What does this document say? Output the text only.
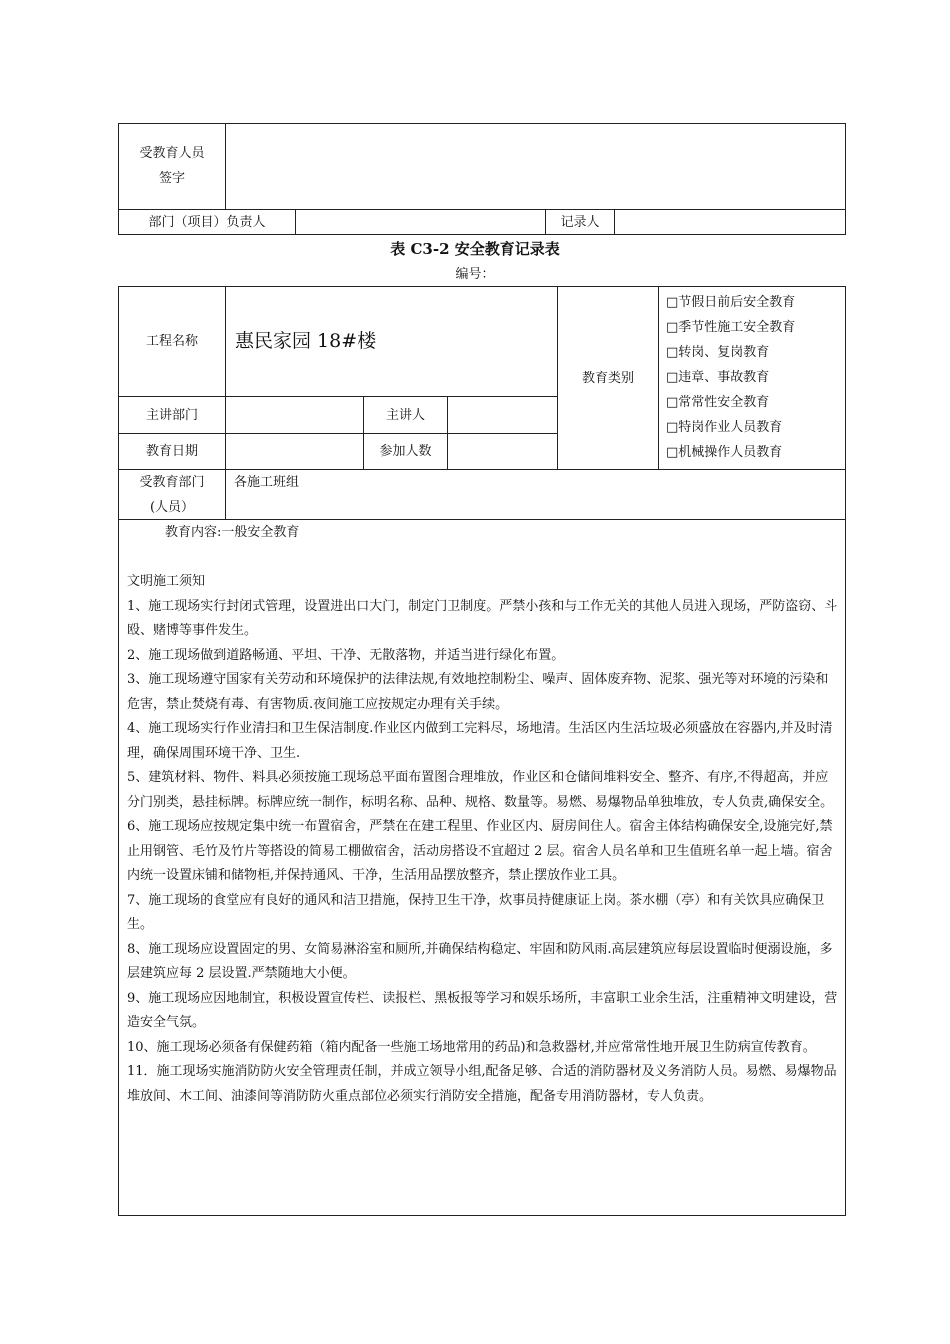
受教育人员
签字
部门（项目）负责人	记录人
表 C3-2 安全教育记录表
编号：
工程名称	惠民家园 18#楼
教育类别
□节假日前后安全教育
□季节性施工安全教育
□转岗、复岗教育
□违章、事故教育
□常常性安全教育
□特岗作业人员教育
□机械操作人员教育
主讲部门	主讲人
教育日期	参加人数
受教育部门
(人员）
各施工班组

教育内容:一般安全教育

文明施工须知

1、施工现场实行封闭式管理，设置进出口大门，制定门卫制度。严禁小孩和与工作无关的其他人员进入现场，严防盗窃、斗殴、赌博等事件发生。

2、施工现场做到道路畅通、平坦、干净、无散落物，并适当进行绿化布置。

3、施工现场遵守国家有关劳动和环境保护的法律法规,有效地控制粉尘、噪声、固体废弃物、泥浆、强光等对环境的污染和危害，禁止焚烧有毒、有害物质.夜间施工应按规定办理有关手续。

4、施工现场实行作业清扫和卫生保洁制度.作业区内做到工完料尽，场地清。生活区内生活垃圾必须盛放在容器内,并及时清理，确保周围环境干净、卫生.

5、建筑材料、物件、料具必须按施工现场总平面布置图合理堆放，作业区和仓储间堆料安全、整齐、有序,不得超高，并应分门别类，悬挂标牌。标牌应统一制作，标明名称、品种、规格、数量等。易燃、易爆物品单独堆放，专人负责,确保安全。

6、施工现场应按规定集中统一布置宿舍，严禁在在建工程里、作业区内、厨房间住人。宿舍主体结构确保安全,设施完好,禁止用钢管、毛竹及竹片等搭设的简易工棚做宿舍，活动房搭设不宜超过 2 层。宿舍人员名单和卫生值班名单一起上墙。宿舍内统一设置床铺和储物柜,并保持通风、干净，生活用品摆放整齐，禁止摆放作业工具。

7、施工现场的食堂应有良好的通风和洁卫措施，保持卫生干净，炊事员持健康证上岗。茶水棚（亭）和有关饮具应确保卫生。

8、施工现场应设置固定的男、女简易淋浴室和厕所,并确保结构稳定、牢固和防风雨.高层建筑应每层设置临时便溺设施，多层建筑应每 2 层设置.严禁随地大小便。

9、施工现场应因地制宜，积极设置宣传栏、读报栏、黑板报等学习和娱乐场所，丰富职工业余生活，注重精神文明建设，营造安全气氛。

10、施工现场必须备有保健药箱（箱内配备一些施工场地常用的药品)和急救器材,并应常常性地开展卫生防病宣传教育。

11．施工现场实施消防防火安全管理责任制，并成立领导小组,配备足够、合适的消防器材及义务消防人员。易燃、易爆物品堆放间、木工间、油漆间等消防防火重点部位必须实行消防安全措施，配备专用消防器材，专人负责。
